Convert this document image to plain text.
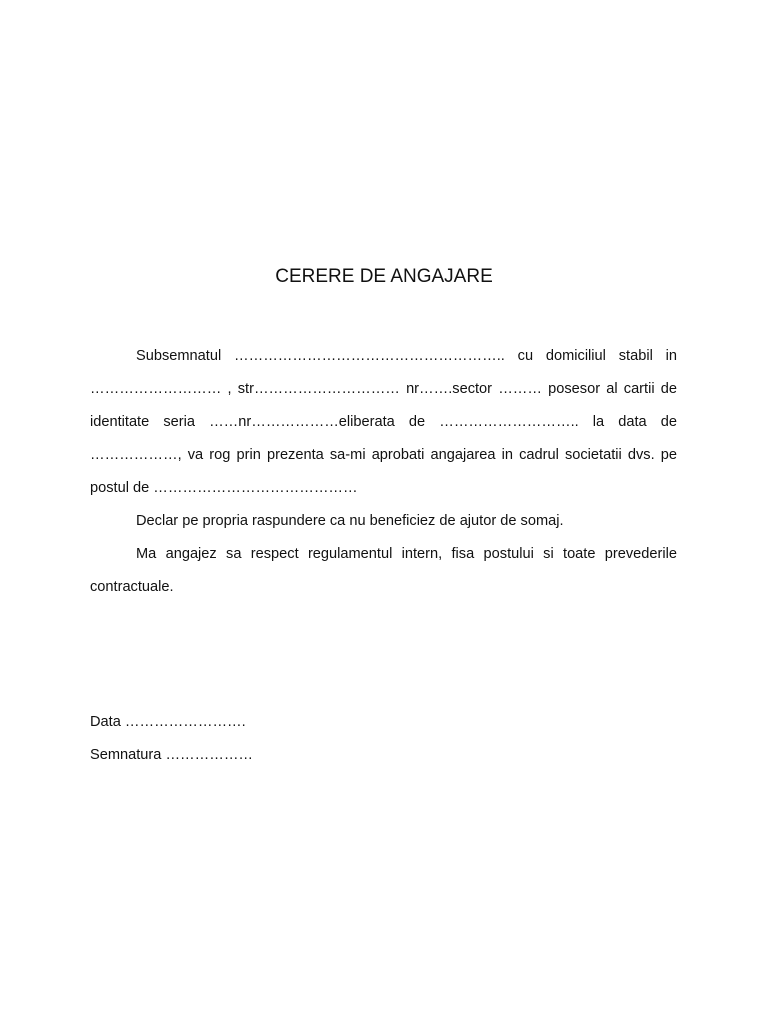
CERERE DE ANGAJARE

Subsemnatul ……………………………………………….. cu domiciliul stabil in ……………………… , str………………………… nr…….sector ……… posesor al cartii de identitate seria ……nr………………eliberata de ……………………….. la data de ………………, va rog prin prezenta sa-mi aprobati angajarea in cadrul societatii dvs. pe postul de ……………………………………

Declar pe propria raspundere ca nu beneficiez de ajutor de somaj.

Ma angajez sa respect regulamentul intern, fisa postului si toate prevederile contractuale.

Data …………………….
Semnatura ………………
